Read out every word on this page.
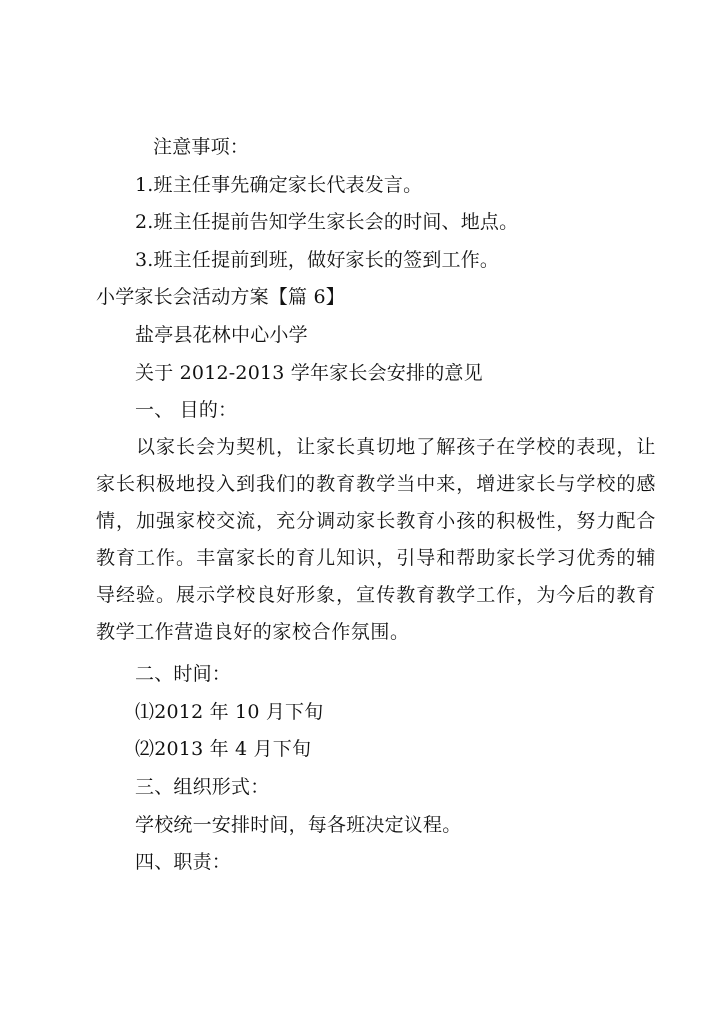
注意事项：
1.班主任事先确定家长代表发言。
2.班主任提前告知学生家长会的时间、地点。
3.班主任提前到班，做好家长的签到工作。
小学家长会活动方案【篇 6】
盐亭县花林中心小学
关于 2012-2013 学年家长会安排的意见
一、 目的：
以家长会为契机，让家长真切地了解孩子在学校的表现，让家长积极地投入到我们的教育教学当中来，增进家长与学校的感情，加强家校交流，充分调动家长教育小孩的积极性，努力配合教育工作。丰富家长的育儿知识，引导和帮助家长学习优秀的辅导经验。展示学校良好形象，宣传教育教学工作，为今后的教育教学工作营造良好的家校合作氛围。
二、时间：
⑴2012 年 10 月下旬
⑵2013 年 4 月下旬
三、组织形式：
学校统一安排时间，每各班决定议程。
四、职责：
